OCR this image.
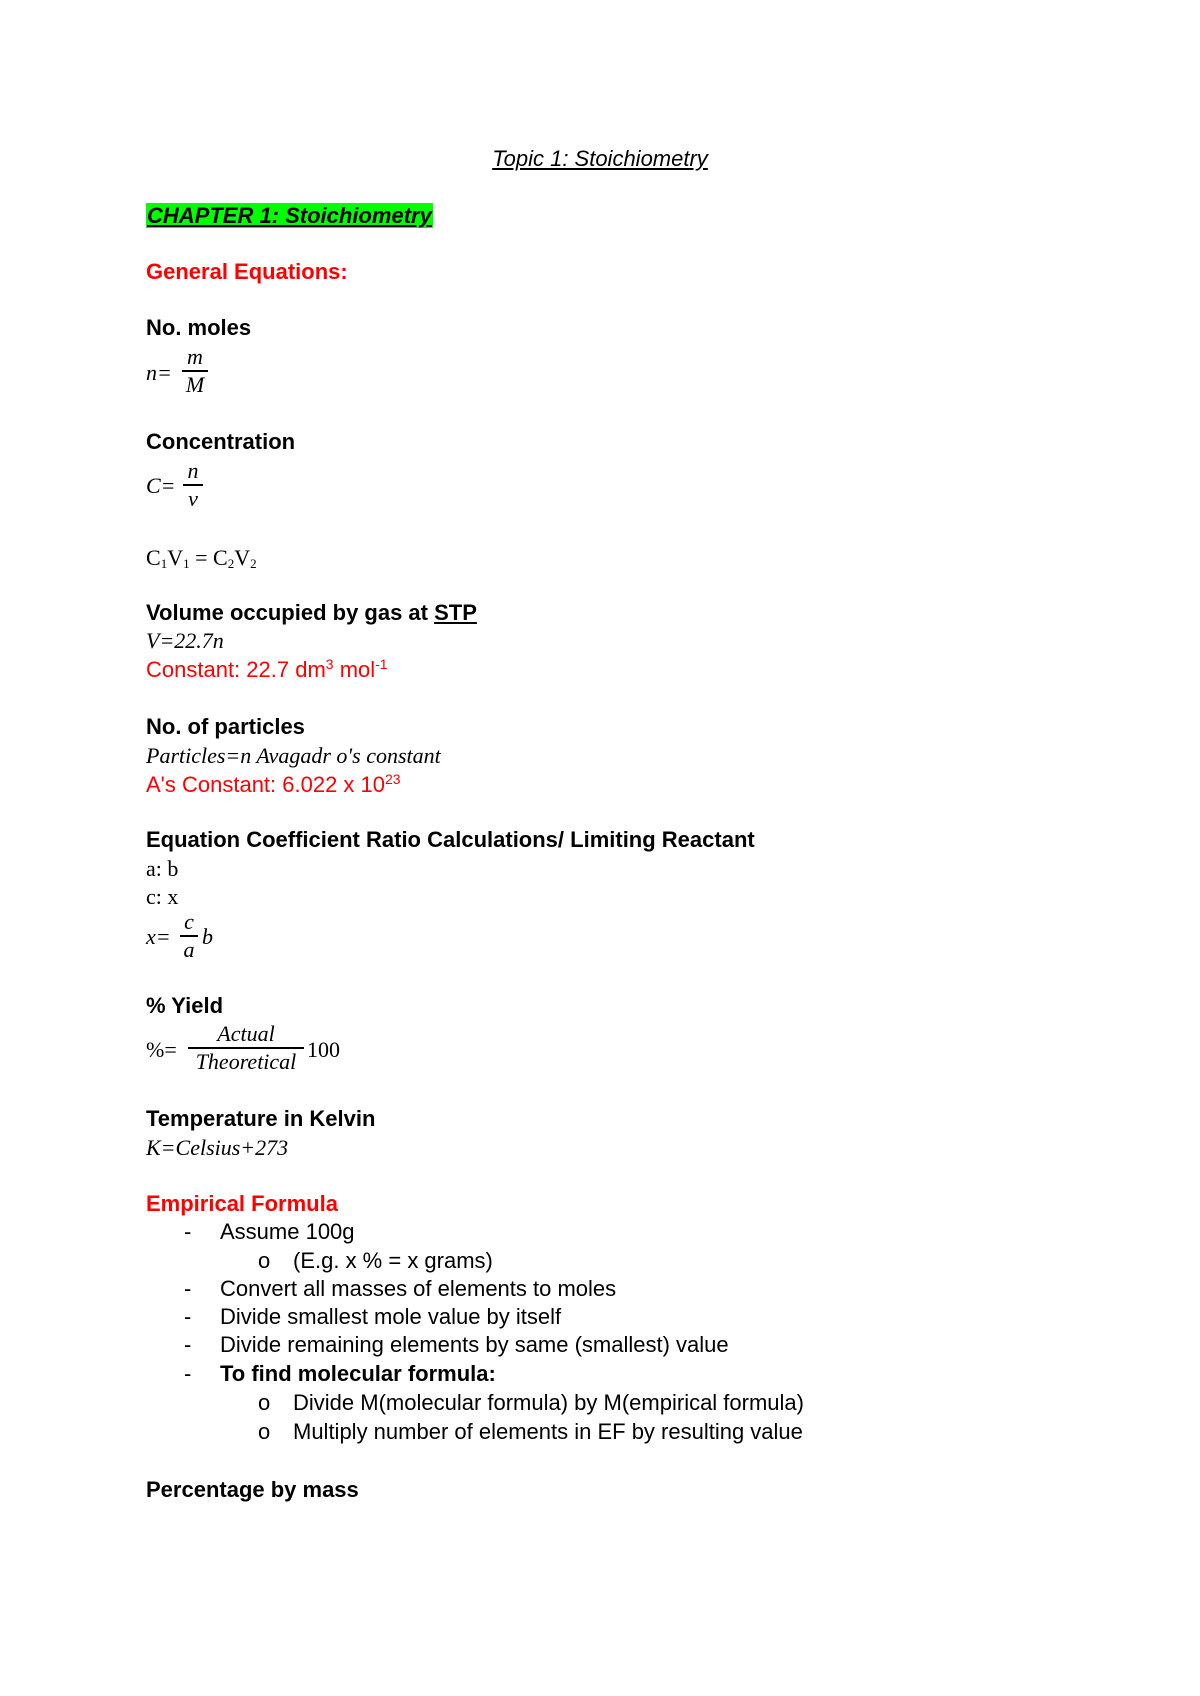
Topic 1: Stoichiometry
CHAPTER 1: Stoichiometry
General Equations:
No. moles
n=
m
M
Concentration
C=
n
v
$C_1V_1 = C_2V_2$
Volume occupied by gas at STP
V=22.7n
Constant: 22.7 $dm^3$ mol$^{-1}$
No. of particles
Particles=n Avagadr o's constant
A's Constant: 6.022 x $10^{23}$
Equation Coefficient Ratio Calculations/ Limiting Reactant
a: b
c: x
x=
c
a
b
% Yield
%=
Actual
Theoretical 100
Temperature in Kelvin
K=Celsius+273
Empirical Formula
- Assume 100g
o (E.g. x % = x grams)
- Convert all masses of elements to moles
- Divide smallest mole value by itself
- Divide remaining elements by same (smallest) value
- To find molecular formula:
o Divide M(molecular formula) by M(empirical formula)
o Multiply number of elements in EF by resulting value
Percentage by mass
